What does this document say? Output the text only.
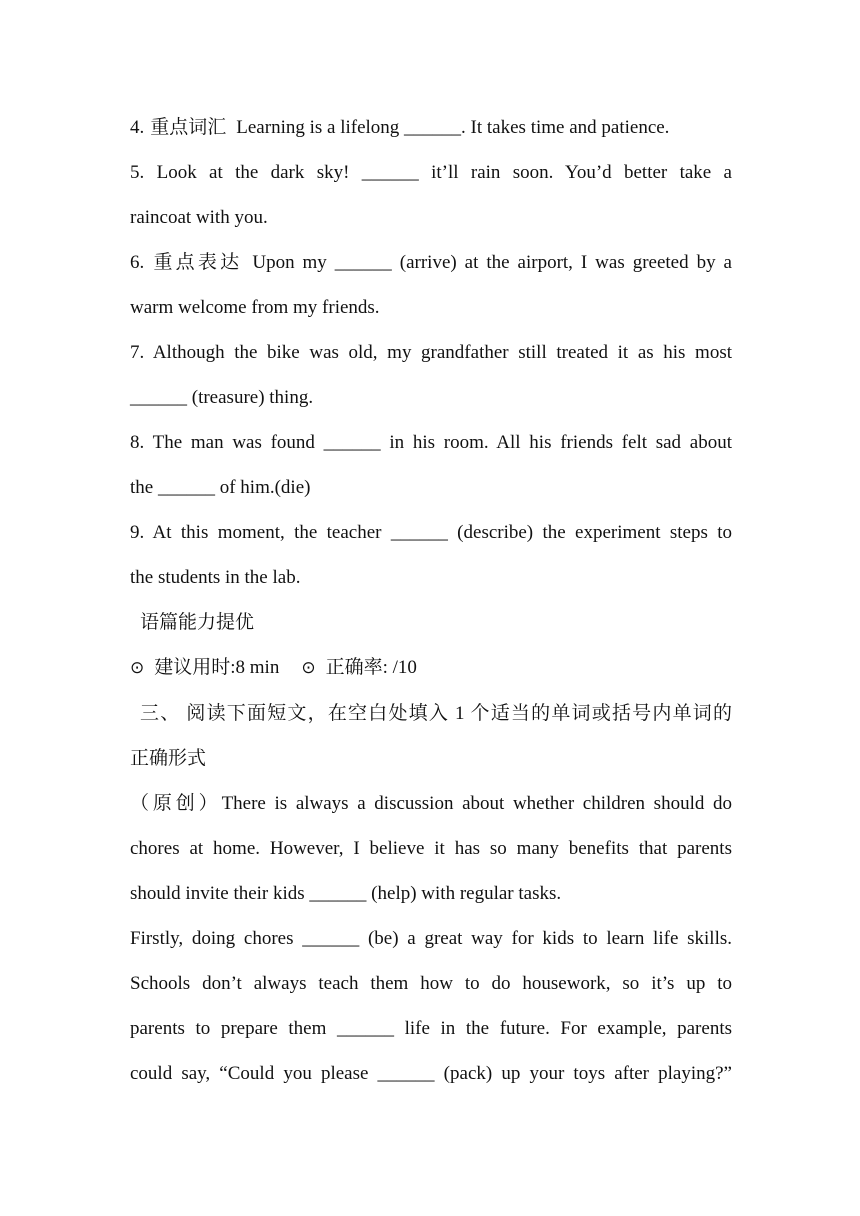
4. 重点词汇 Learning is a lifelong ______. It takes time and patience.
5. Look at the dark sky! ______ it’ll rain soon. You’d better take a
raincoat with you.
6. 重点表达 Upon my ______ (arrive) at the airport, I was greeted by a
warm welcome from my friends.
7. Although the bike was old, my grandfather still treated it as his most
______ (treasure) thing.
8. The man was found ______ in his room. All his friends felt sad about
the ______ of him.(die)
9. At this moment, the teacher ______ (describe) the experiment steps to
the students in the lab.
语篇能力提优
⊙ 建议用时:8 min ⊙ 正确率: /10
三、 阅读下面短文，在空白处填入 1 个适当的单词或括号内单词的
正确形式
（原创）There is always a discussion about whether children should do
chores at home. However, I believe it has so many benefits that parents
should invite their kids ______ (help) with regular tasks.
Firstly, doing chores ______ (be) a great way for kids to learn life skills.
Schools don’t always teach them how to do housework, so it’s up to
parents to prepare them ______ life in the future. For example, parents
could say, “Could you please ______ (pack) up your toys after playing?”
